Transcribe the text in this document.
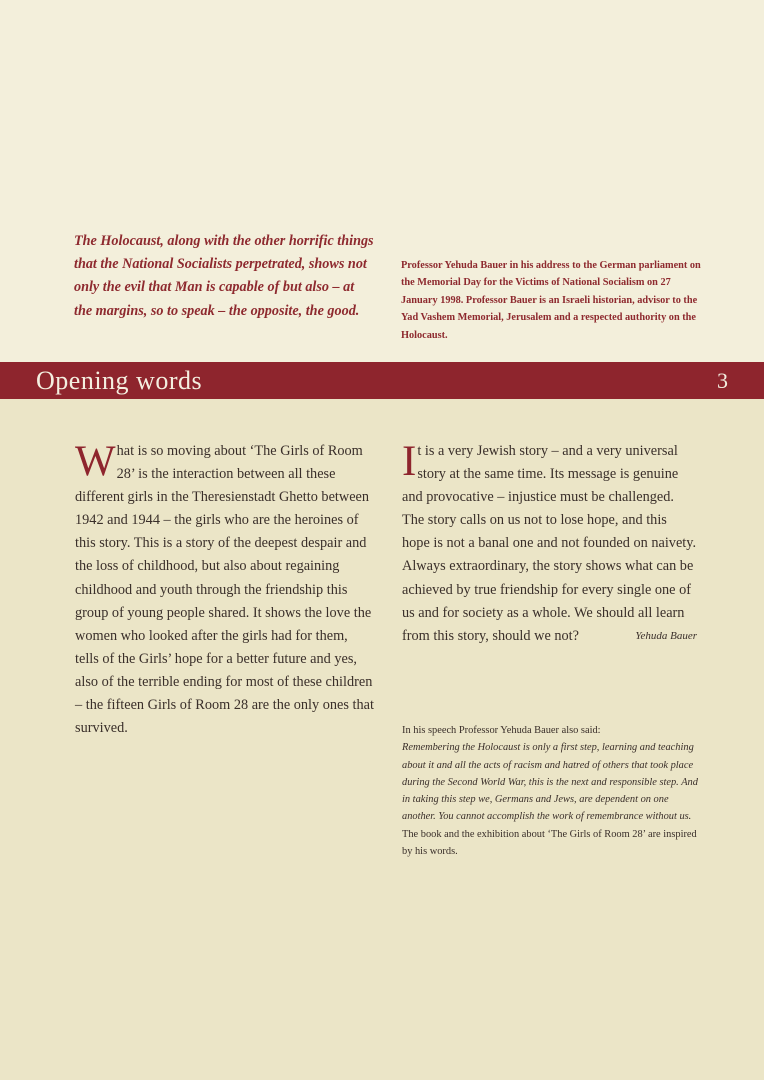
The Holocaust, along with the other horrific things that the National Socialists perpetrated, shows not only the evil that Man is capable of but also – at the margins, so to speak – the opposite, the good.

Professor Yehuda Bauer in his address to the German parliament on the Memorial Day for the Victims of National Socialism on 27 January 1998. Professor Bauer is an Israeli historian, advisor to the Yad Vashem Memorial, Jerusalem and a respected authority on the Holocaust.

Opening words	3

What is so moving about ‘The Girls of Room 28’ is the interaction between all these different girls in the Theresienstadt Ghetto between 1942 and 1944 – the girls who are the heroines of this story. This is a story of the deepest despair and the loss of childhood, but also about regaining childhood and youth through the friendship this group of young people shared. It shows the love the women who looked after the girls had for them, tells of the Girls’ hope for a better future and yes, also of the terrible ending for most of these children – the fifteen Girls of Room 28 are the only ones that survived.

It is a very Jewish story – and a very universal story at the same time. Its message is genuine and provocative – injustice must be challenged. The story calls on us not to lose hope, and this hope is not a banal one and not founded on naivety. Always extraordinary, the story shows what can be achieved by true friendship for every single one of us and for society as a whole. We should all learn from this story, should we not?	Yehuda Bauer

In his speech Professor Yehuda Bauer also said:

Remembering the Holocaust is only a first step, learning and teaching about it and all the acts of racism and hatred of others that took place during the Second World War, this is the next and responsible step. And in taking this step we, Germans and Jews, are dependent on one another. You cannot accomplish the work of remembrance without us.

The book and the exhibition about ‘The Girls of Room 28’ are inspired by his words.
